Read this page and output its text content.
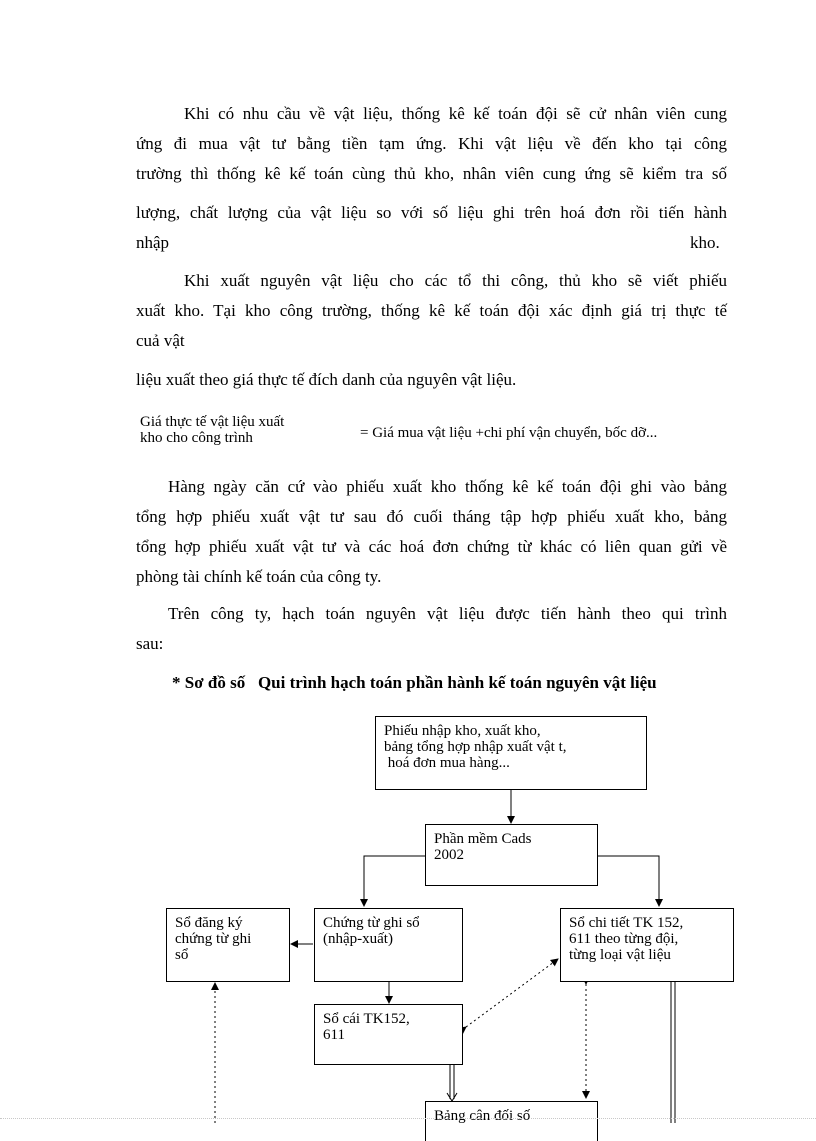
Khi có nhu cầu về vật liệu, thống kê kế toán đội sẽ cử nhân viên cung
ứng đi mua vật tư bằng tiền tạm ứng. Khi vật liệu về đến kho tại công
trường thì thống kê kế toán cùng thủ kho, nhân viên cung ứng sẽ kiểm tra số
lượng, chất lượng của vật liệu so với số liệu ghi trên hoá đơn rồi tiến hành
nhập	kho.
Khi xuất nguyên vật liệu cho các tổ thi công, thủ kho sẽ viết phiếu
xuất kho. Tại kho công trường, thống kê kế toán đội xác định giá trị thực tế
cuả vật
liệu xuất theo giá thực tế đích danh của nguyên vật liệu.
Giá thực tế vật liệu xuất
kho cho công trình	= Giá mua vật liệu +chi phí vận chuyển, bốc dỡ...
Hàng ngày căn cứ vào phiếu xuất kho thống kê kế toán đội ghi vào bảng
tổng hợp phiếu xuất vật tư sau đó cuối tháng tập hợp phiếu xuất kho, bảng
tổng hợp phiếu xuất vật tư và các hoá đơn chứng từ khác có liên quan gửi về
phòng tài chính kế toán của công ty.
Trên công ty, hạch toán nguyên vật liệu được tiến hành theo qui trình
sau:
* Sơ đồ số   Qui trình hạch toán phần hành kế toán nguyên vật liệu
Phiếu nhập kho, xuất kho,
bảng tổng hợp nhập xuất vật t,
hoá đơn mua hàng...
Phần mềm Cads
2002
Sổ đăng ký
chứng từ ghi
sổ
Chứng từ ghi sổ
(nhập-xuất)
Sổ chi tiết TK 152,
611 theo từng đội,
từng loại vật liệu
Sổ cái TK152,
611
Bảng cân đối số
